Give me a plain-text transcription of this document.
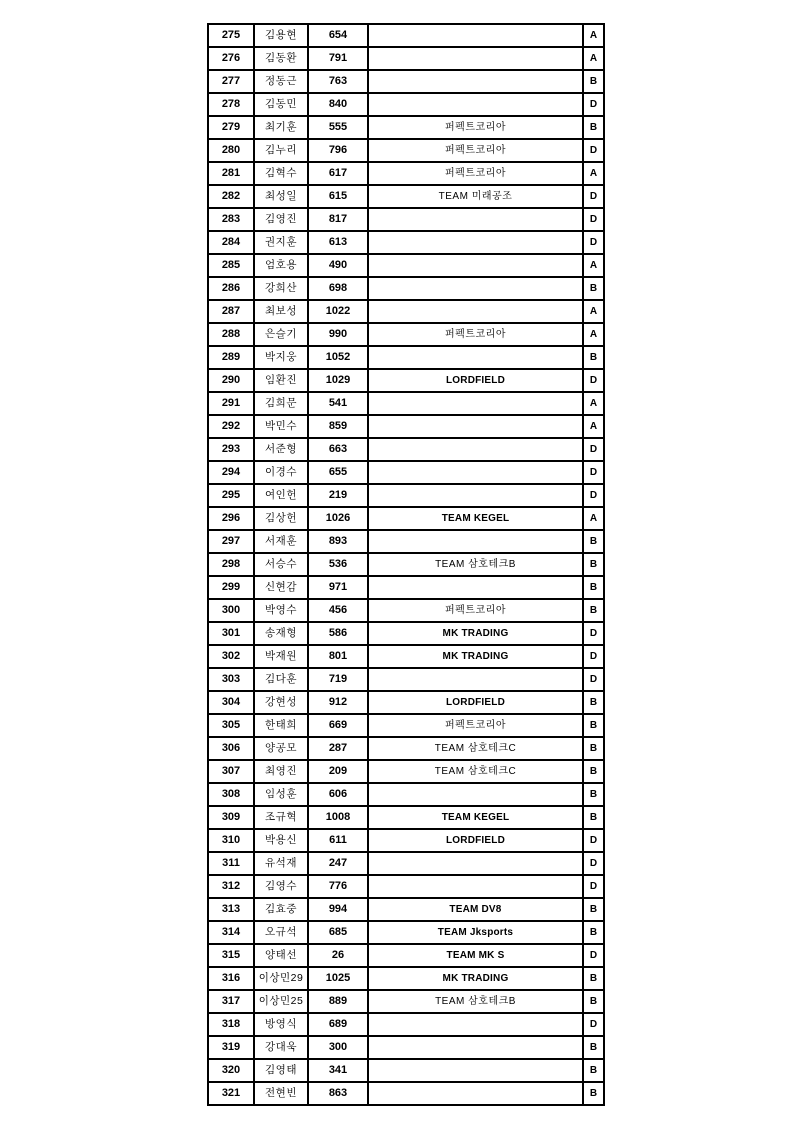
275	김용현	654		A
276	김동환	791		A
277	정동근	763		B
278	김동민	840		D
279	최기훈	555	퍼펙트코리아	B
280	김누리	796	퍼펙트코리아	D
281	김혁수	617	퍼펙트코리아	A
282	최성일	615	TEAM 미래공조	D
283	김영진	817		D
284	권지훈	613		D
285	엄호용	490		A
286	강희산	698		B
287	최보성	1022		A
288	은슬기	990	퍼펙트코리아	A
289	박지웅	1052		B
290	임환진	1029	LORDFIELD	D
291	김희문	541		A
292	박민수	859		A
293	서준형	663		D
294	이경수	655		D
295	여인헌	219		D
296	김상헌	1026	TEAM KEGEL	A
297	서재훈	893		B
298	서승수	536	TEAM 삼호테크B	B
299	신현감	971		B
300	박영수	456	퍼펙트코리아	B
301	송재형	586	MK TRADING	D
302	박재원	801	MK TRADING	D
303	김다훈	719		D
304	강현성	912	LORDFIELD	B
305	한태희	669	퍼펙트코리아	B
306	양공모	287	TEAM 삼호테크C	B
307	최영진	209	TEAM 삼호테크C	B
308	임성훈	606		B
309	조규혁	1008	TEAM KEGEL	B
310	박용신	611	LORDFIELD	D
311	유석재	247		D
312	김영수	776		D
313	김효중	994	TEAM DV8	B
314	오규석	685	TEAM Jksports	B
315	양태선	26	TEAM MK S	D
316	이상민29	1025	MK TRADING	B
317	이상민25	889	TEAM 삼호테크B	B
318	방영식	689		D
319	강대욱	300		B
320	김영태	341		B
321	전현빈	863		B
